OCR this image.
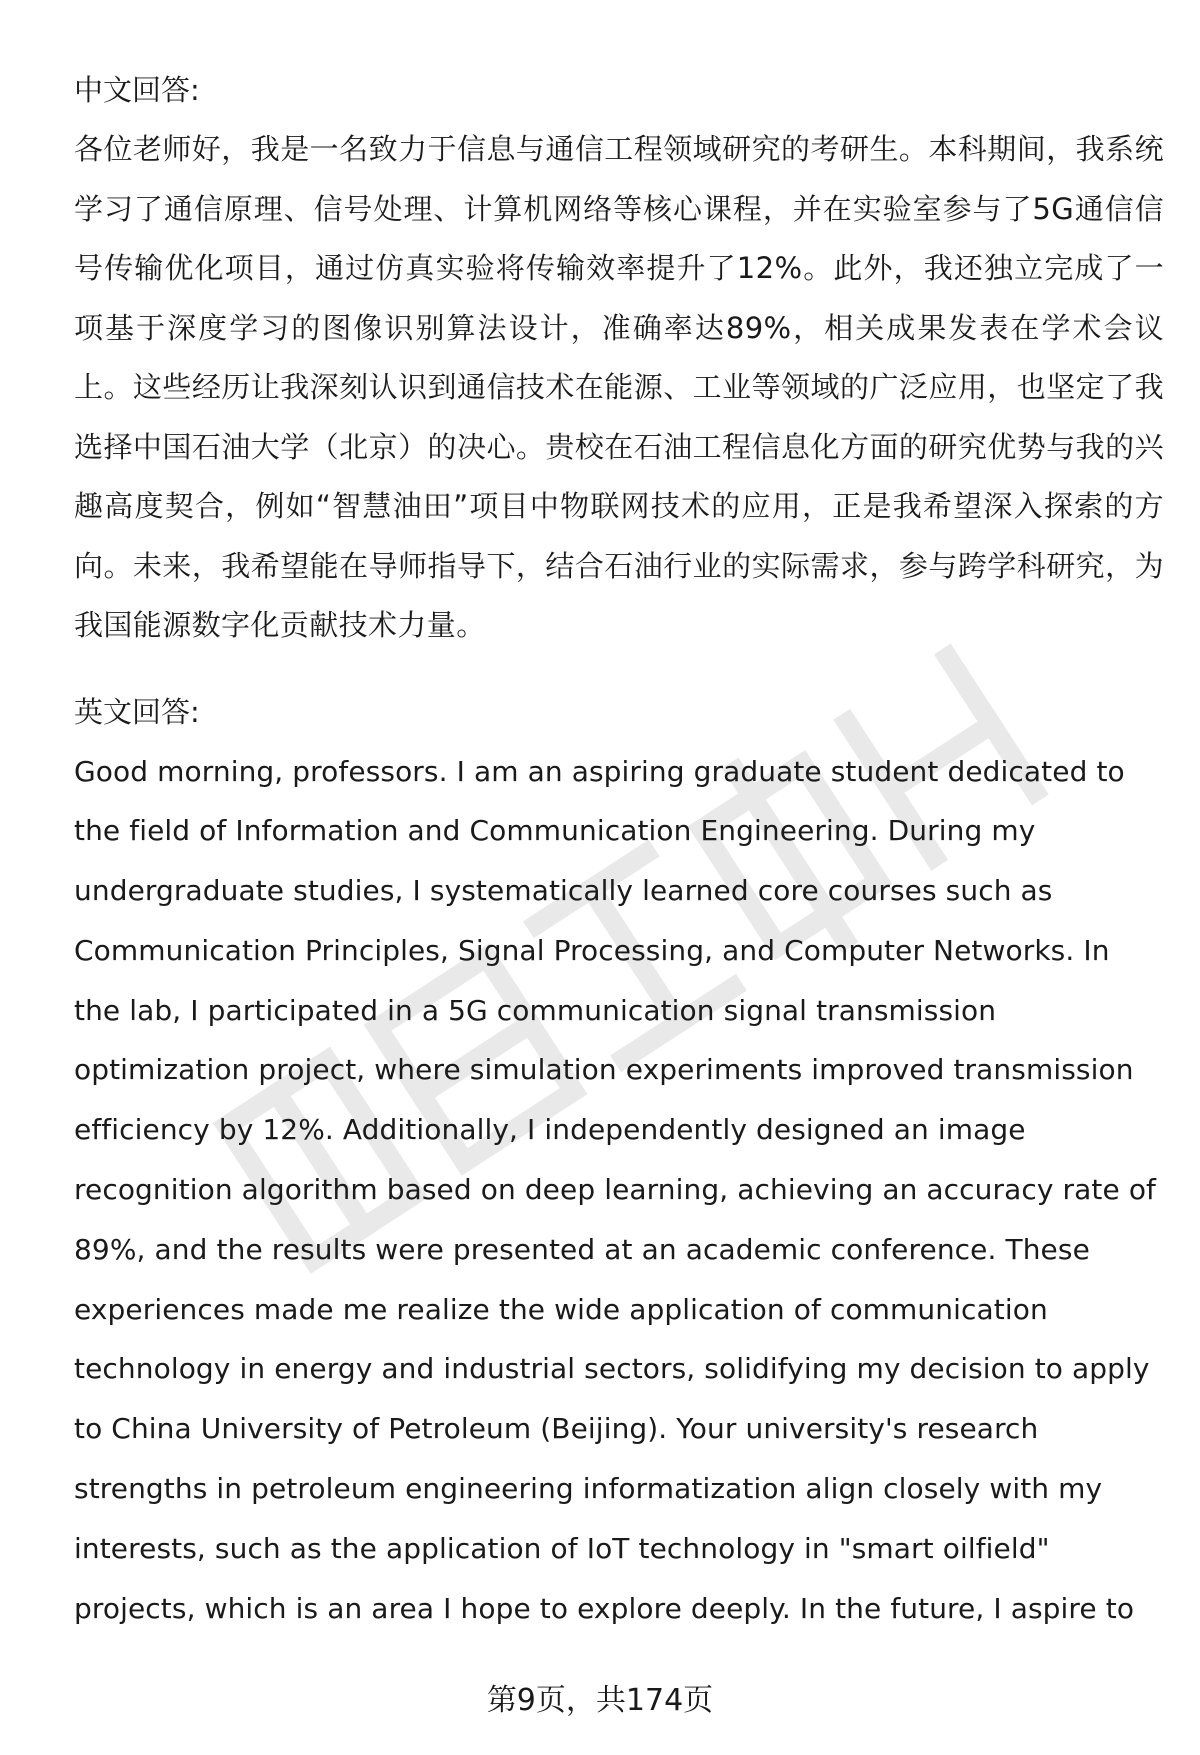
中文回答:

各位老师好，我是一名致力于信息与通信工程领域研究的考研生。本科期间，我系统学习了通信原理、信号处理、计算机网络等核心课程，并在实验室参与了5G通信信号传输优化项目，通过仿真实验将传输效率提升了12%。此外，我还独立完成了一项基于深度学习的图像识别算法设计，准确率达89%，相关成果发表在学术会议上。这些经历让我深刻认识到通信技术在能源、工业等领域的广泛应用，也坚定了我选择中国石油大学（北京）的决心。贵校在石油工程信息化方面的研究优势与我的兴趣高度契合，例如“智慧油田”项目中物联网技术的应用，正是我希望深入探索的方向。未来，我希望能在导师指导下，结合石油行业的实际需求，参与跨学科研究，为我国能源数字化贡献技术力量。

英文回答:

Good morning, professors. I am an aspiring graduate student dedicated to the field of Information and Communication Engineering. During my undergraduate studies, I systematically learned core courses such as Communication Principles, Signal Processing, and Computer Networks. In the lab, I participated in a 5G communication signal transmission optimization project, where simulation experiments improved transmission efficiency by 12%. Additionally, I independently designed an image recognition algorithm based on deep learning, achieving an accuracy rate of 89%, and the results were presented at an academic conference. These experiences made me realize the wide application of communication technology in energy and industrial sectors, solidifying my decision to apply to China University of Petroleum (Beijing). Your university's research strengths in petroleum engineering informatization align closely with my interests, such as the application of IoT technology in "smart oilfield" projects, which is an area I hope to explore deeply. In the future, I aspire to

第9页，共174页
